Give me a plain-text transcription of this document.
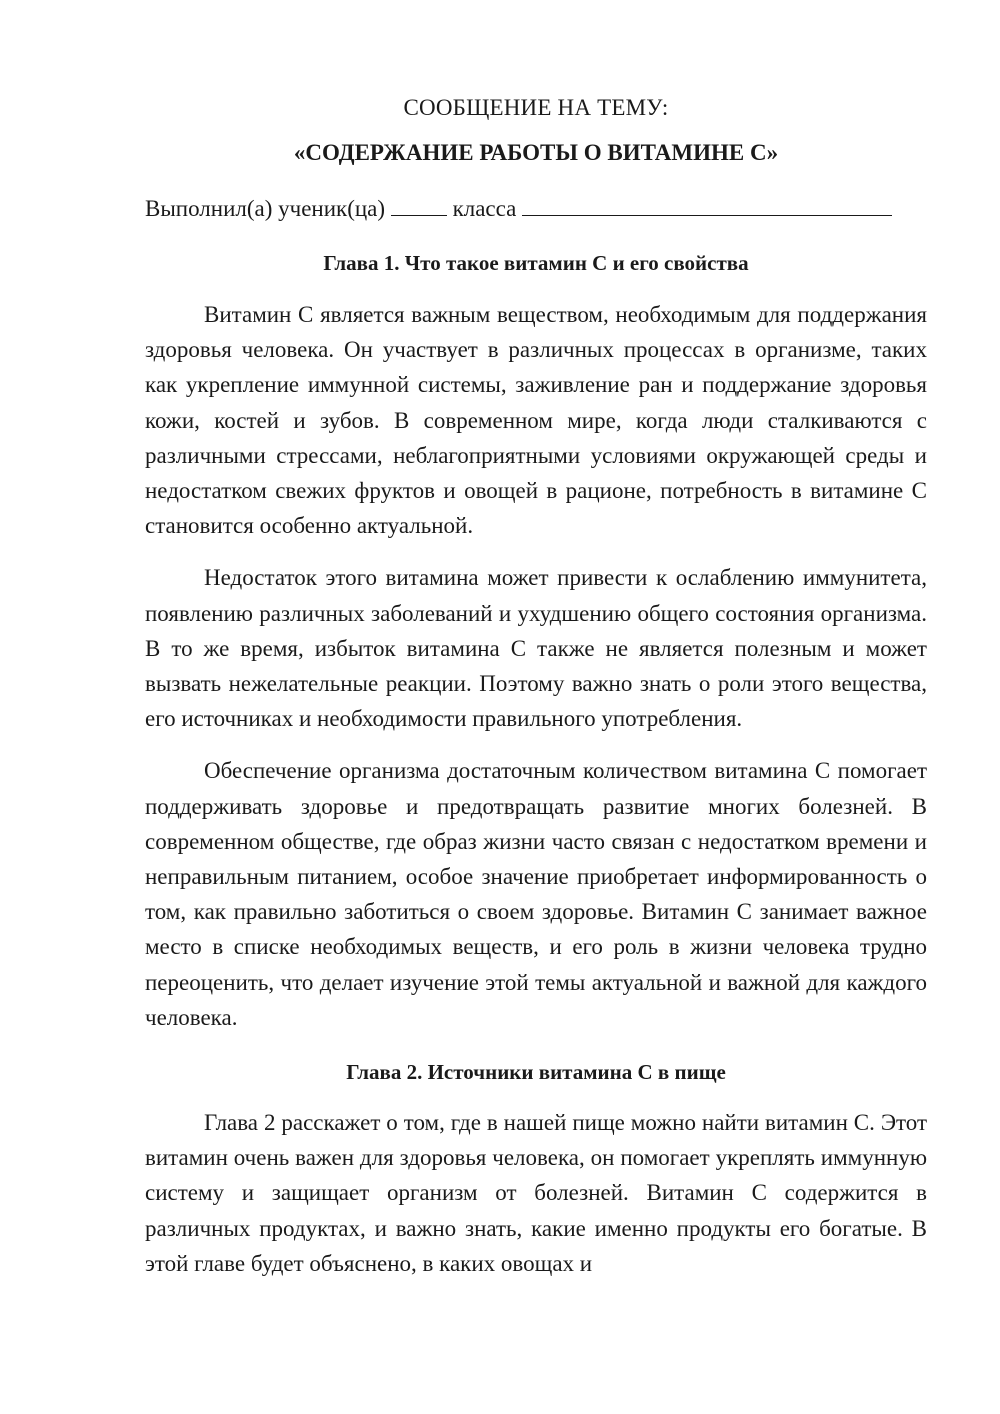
СООБЩЕНИЕ НА ТЕМУ:
«СОДЕРЖАНИЕ РАБОТЫ О ВИТАМИНЕ С»
Выполнил(а) ученик(ца)	класса
Глава 1. Что такое витамин С и его свойства

Витамин С является важным веществом, необходимым для поддержания здоровья человека. Он участвует в различных процессах в организме, таких как укрепление иммунной системы, заживление ран и поддержание здоровья кожи, костей и зубов. В современном мире, когда люди сталкиваются с различными стрессами, неблагоприятными условиями окружающей среды и недостатком свежих фруктов и овощей в рационе, потребность в витамине С становится особенно актуальной.

Недостаток этого витамина может привести к ослаблению иммунитета, появлению различных заболеваний и ухудшению общего состояния организма. В то же время, избыток витамина С также не является полезным и может вызвать нежелательные реакции. Поэтому важно знать о роли этого вещества, его источниках и необходимости правильного употребления.

Обеспечение организма достаточным количеством витамина С помогает поддерживать здоровье и предотвращать развитие многих болезней. В современном обществе, где образ жизни часто связан с недостатком времени и неправильным питанием, особое значение приобретает информированность о том, как правильно заботиться о своем здоровье. Витамин С занимает важное место в списке необходимых веществ, и его роль в жизни человека трудно переоценить, что делает изучение этой темы актуальной и важной для каждого человека.

Глава 2. Источники витамина С в пище

Глава 2 расскажет о том, где в нашей пище можно найти витамин С. Этот витамин очень важен для здоровья человека, он помогает укреплять иммунную систему и защищает организм от болезней. Витамин С содержится в различных продуктах, и важно знать, какие именно продукты его богатые. В этой главе будет объяснено, в каких овощах и
